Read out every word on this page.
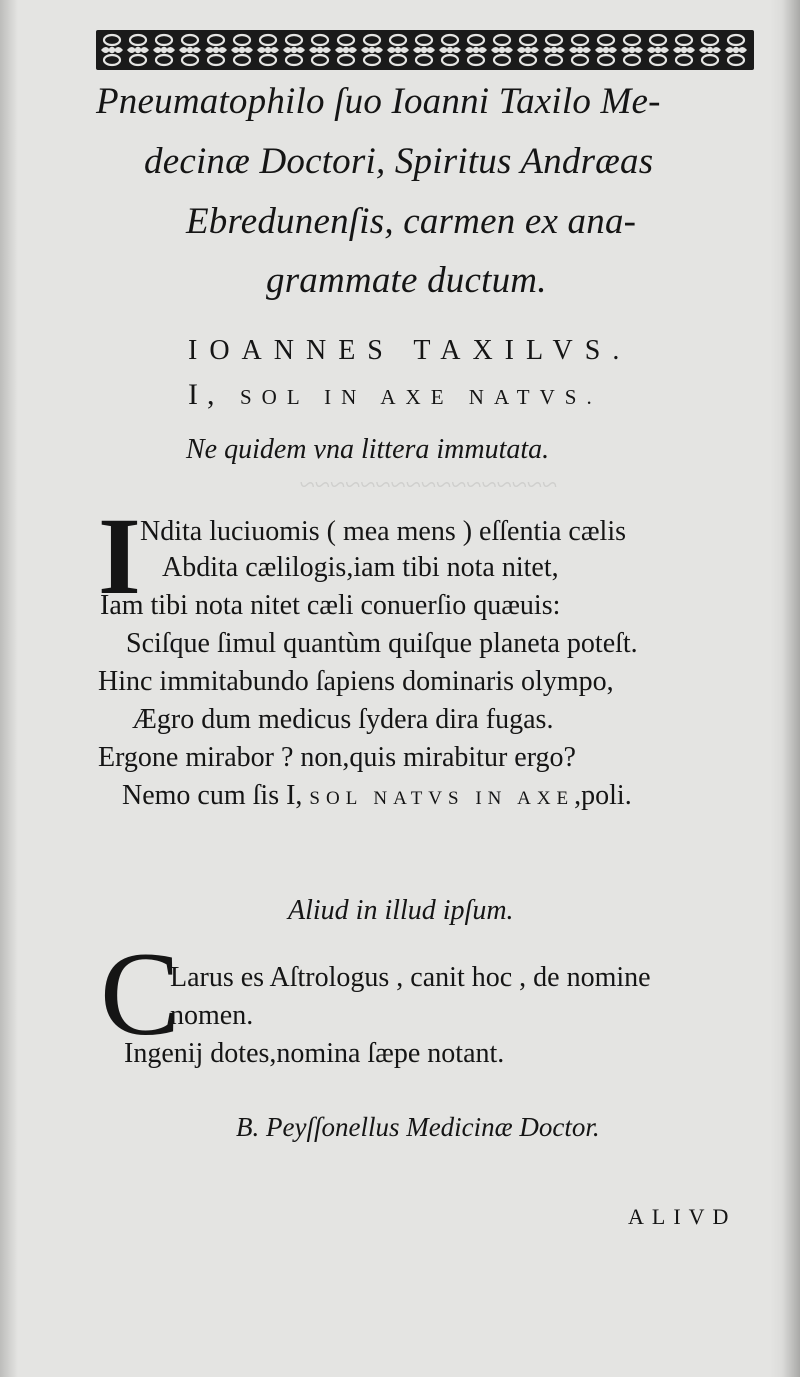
~~~~~~~~~~~~~~~~~
Pneumatophilo ſuo Ioanni Taxilo Me-
decinæ Doctori, Spiritus Andræas
Ebredunenſis, carmen ex ana-
grammate ductum.
IOANNES TAXILVS.
I, SOL IN AXE NATVS.
Ne quidem vna littera immutata.
I Ndita luciuomis ( mea mens ) eſſentia cælis
Abdita cælilogis,iam tibi nota nitet,
Iam tibi nota nitet cæli conuerſio quæuis:
Sciſque ſimul quantùm quiſque planeta poteſt.
Hinc immitabundo ſapiens dominaris olympo,
Ægro dum medicus ſydera dira fugas.
Ergone mirabor ? non,quis mirabitur ergo?
Nemo cum ſis I, SOL NATVS IN AXE,poli.
Aliud in illud ipſum.
C
Larus es Aſtrologus , canit hoc , de nomine
nomen.
Ingenij dotes,nomina ſæpe notant.
B. Peyſſonellus Medicinæ Doctor.
ALIVD
